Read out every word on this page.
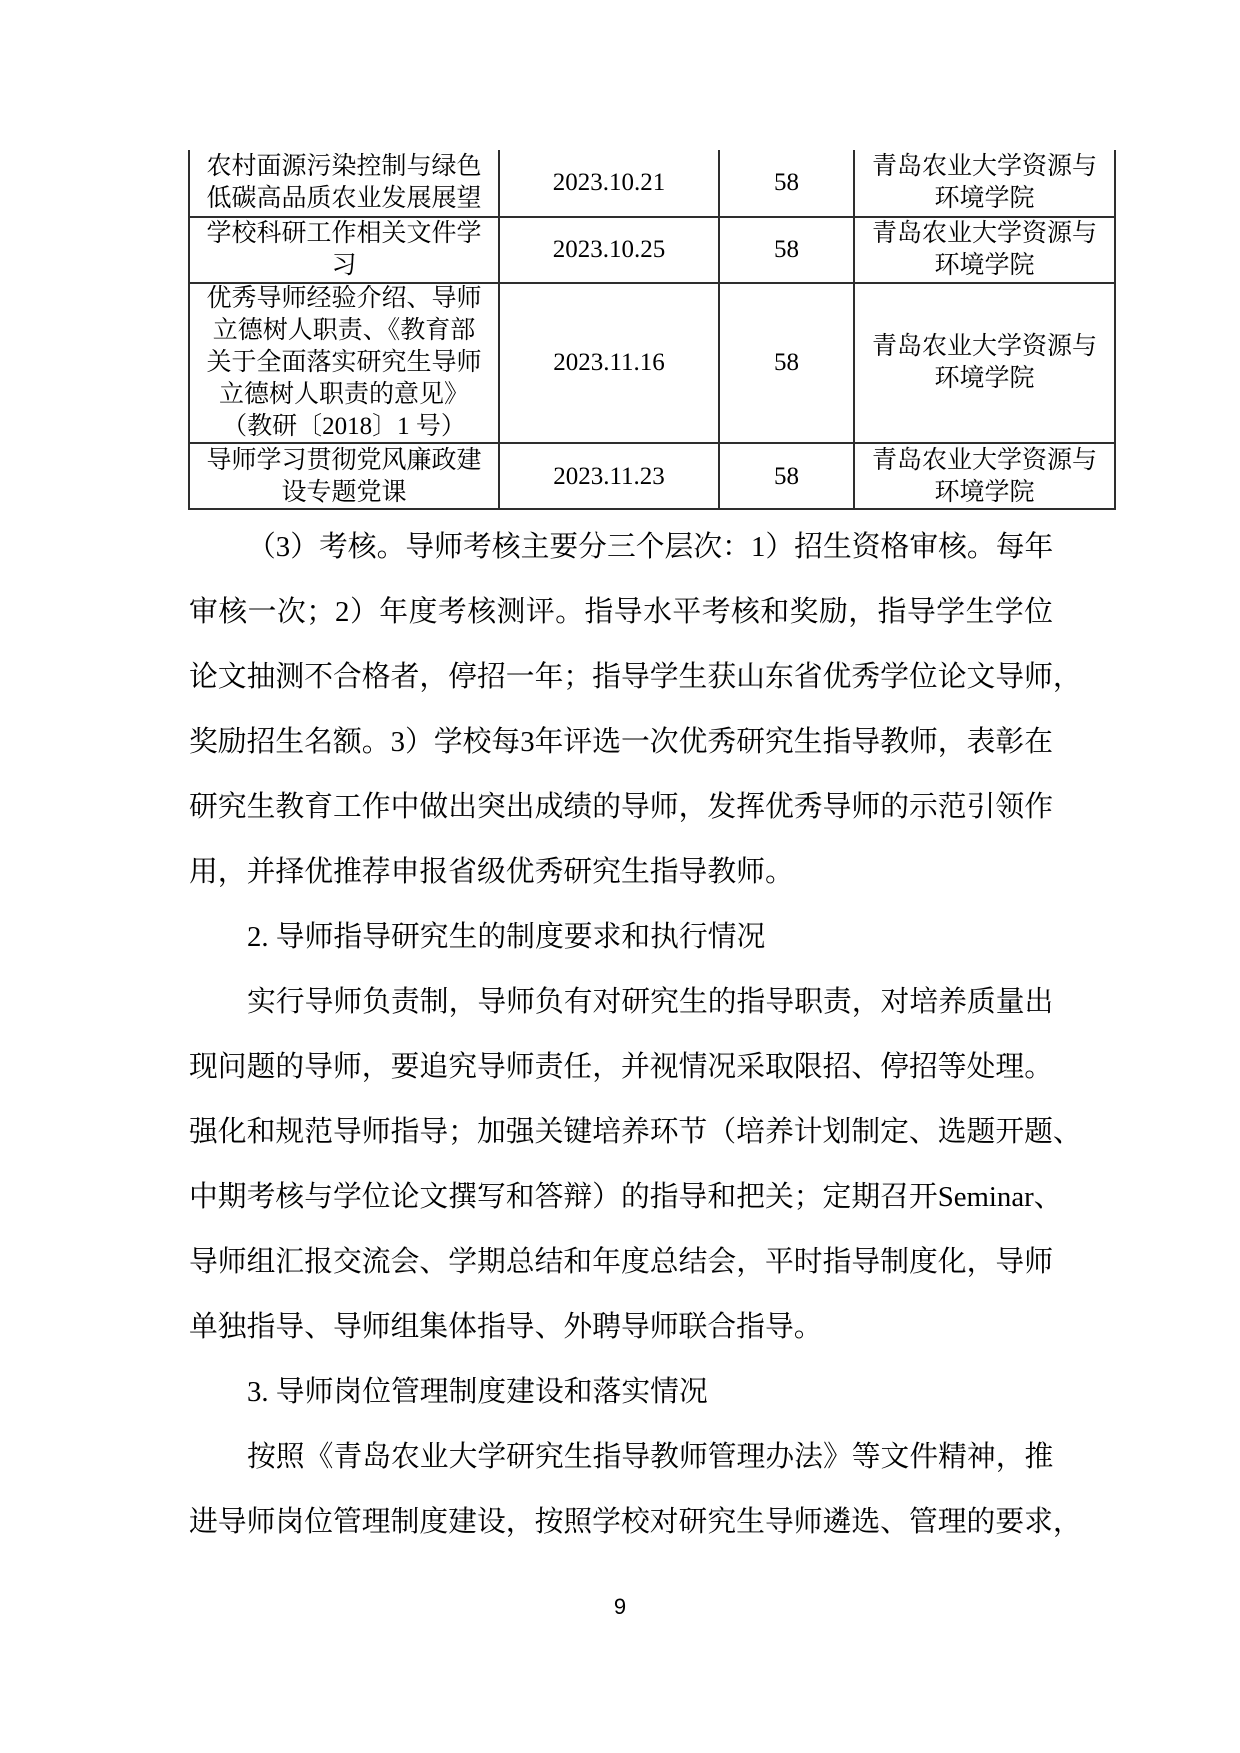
农村面源污染控制与绿色
低碳高品质农业发展展望
2023.10.21	58
青岛农业大学资源与
环境学院
学校科研工作相关文件学
习
2023.10.25	58
青岛农业大学资源与
环境学院
优秀导师经验介绍、导师
立德树人职责、《教育部
关于全面落实研究生导师
立德树人职责的意见》
（教研〔2018〕1 号）
2023.11.16	58
青岛农业大学资源与
环境学院
导师学习贯彻党风廉政建
设专题党课
2023.11.23	58
青岛农业大学资源与
环境学院
（3）考核。导师考核主要分三个层次：1）招生资格审核。每年
审核一次；2）年度考核测评。指导水平考核和奖励，指导学生学位
论文抽测不合格者，停招一年；指导学生获山东省优秀学位论文导师，
奖励招生名额。3）学校每3年评选一次优秀研究生指导教师，表彰在
研究生教育工作中做出突出成绩的导师，发挥优秀导师的示范引领作
用，并择优推荐申报省级优秀研究生指导教师。
2. 导师指导研究生的制度要求和执行情况
实行导师负责制，导师负有对研究生的指导职责，对培养质量出
现问题的导师，要追究导师责任，并视情况采取限招、停招等处理。
强化和规范导师指导；加强关键培养环节（培养计划制定、选题开题、
中期考核与学位论文撰写和答辩）的指导和把关；定期召开Seminar、
导师组汇报交流会、学期总结和年度总结会，平时指导制度化，导师
单独指导、导师组集体指导、外聘导师联合指导。
3. 导师岗位管理制度建设和落实情况
按照《青岛农业大学研究生指导教师管理办法》等文件精神，推
进导师岗位管理制度建设，按照学校对研究生导师遴选、管理的要求，
9
